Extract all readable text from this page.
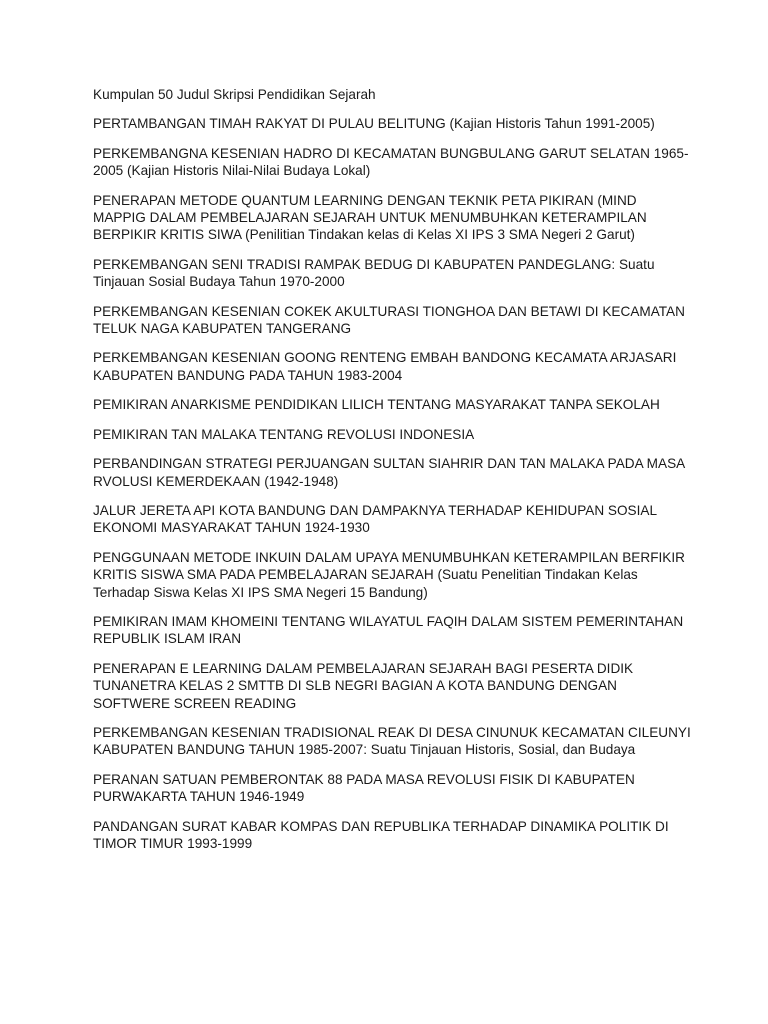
Kumpulan 50 Judul Skripsi Pendidikan Sejarah

PERTAMBANGAN TIMAH RAKYAT DI PULAU BELITUNG (Kajian Historis Tahun 1991-2005)
PERKEMBANGNA KESENIAN HADRO DI KECAMATAN BUNGBULANG GARUT SELATAN 1965-2005 (Kajian Historis Nilai-Nilai Budaya Lokal)
PENERAPAN METODE QUANTUM LEARNING DENGAN TEKNIK PETA PIKIRAN (MIND MAPPIG DALAM PEMBELAJARAN SEJARAH UNTUK MENUMBUHKAN KETERAMPILAN BERPIKIR KRITIS SIWA (Penilitian Tindakan kelas di Kelas XI IPS 3 SMA Negeri 2 Garut)
PERKEMBANGAN SENI TRADISI RAMPAK BEDUG DI KABUPATEN PANDEGLANG: Suatu Tinjauan Sosial Budaya Tahun 1970-2000
PERKEMBANGAN KESENIAN COKEK AKULTURASI TIONGHOA DAN BETAWI DI KECAMATAN TELUK NAGA KABUPATEN TANGERANG
PERKEMBANGAN KESENIAN GOONG RENTENG EMBAH BANDONG KECAMATA ARJASARI KABUPATEN BANDUNG PADA TAHUN 1983-2004
PEMIKIRAN ANARKISME PENDIDIKAN LILICH TENTANG MASYARAKAT TANPA SEKOLAH
PEMIKIRAN TAN MALAKA TENTANG REVOLUSI INDONESIA
PERBANDINGAN STRATEGI PERJUANGAN SULTAN SIAHRIR DAN TAN MALAKA PADA MASA RVOLUSI KEMERDEKAAN (1942-1948)
JALUR JERETA API KOTA BANDUNG DAN DAMPAKNYA TERHADAP KEHIDUPAN SOSIAL EKONOMI MASYARAKAT TAHUN 1924-1930
PENGGUNAAN METODE INKUIN DALAM UPAYA MENUMBUHKAN KETERAMPILAN BERFIKIR KRITIS SISWA SMA PADA PEMBELAJARAN SEJARAH (Suatu Penelitian Tindakan Kelas Terhadap Siswa Kelas XI IPS SMA Negeri 15 Bandung)
PEMIKIRAN IMAM KHOMEINI TENTANG WILAYATUL FAQIH DALAM SISTEM PEMERINTAHAN REPUBLIK ISLAM IRAN
PENERAPAN E LEARNING DALAM PEMBELAJARAN SEJARAH BAGI PESERTA DIDIK TUNANETRA KELAS 2 SMTTB DI SLB NEGRI BAGIAN A KOTA BANDUNG DENGAN SOFTWERE SCREEN READING
PERKEMBANGAN KESENIAN TRADISIONAL REAK DI DESA CINUNUK KECAMATAN CILEUNYI KABUPATEN BANDUNG TAHUN 1985-2007: Suatu Tinjauan Historis, Sosial, dan Budaya
PERANAN SATUAN PEMBERONTAK 88 PADA MASA REVOLUSI FISIK DI KABUPATEN PURWAKARTA TAHUN 1946-1949
PANDANGAN SURAT KABAR KOMPAS DAN REPUBLIKA TERHADAP DINAMIKA POLITIK DI TIMOR TIMUR 1993-1999
